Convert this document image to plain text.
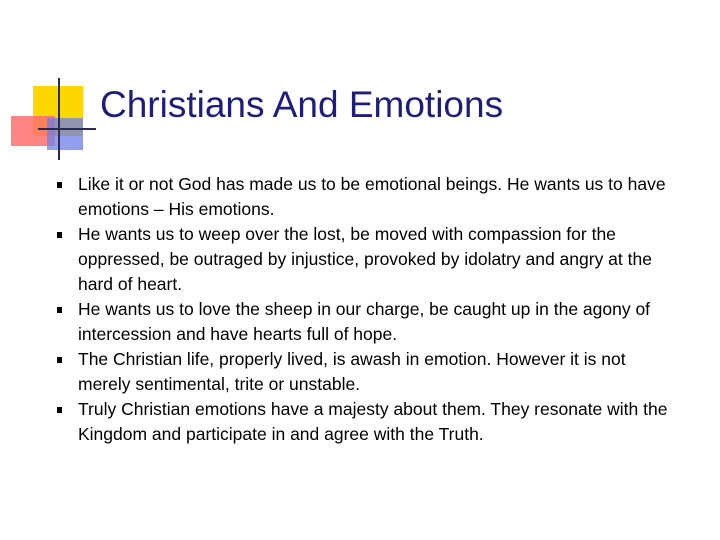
Christians And Emotions
Like it or not God has made us to be emotional beings. He wants us to have emotions – His emotions.
He wants us to weep over the lost, be moved with compassion for the oppressed, be outraged by injustice, provoked by idolatry and angry at the hard of heart.
He wants us to love the sheep in our charge, be caught up in the agony of intercession and have hearts full of hope.
The Christian life, properly lived, is awash in emotion. However it is not merely sentimental, trite or unstable.
Truly Christian emotions have a majesty about them. They resonate with the Kingdom and participate in and agree with the Truth.
